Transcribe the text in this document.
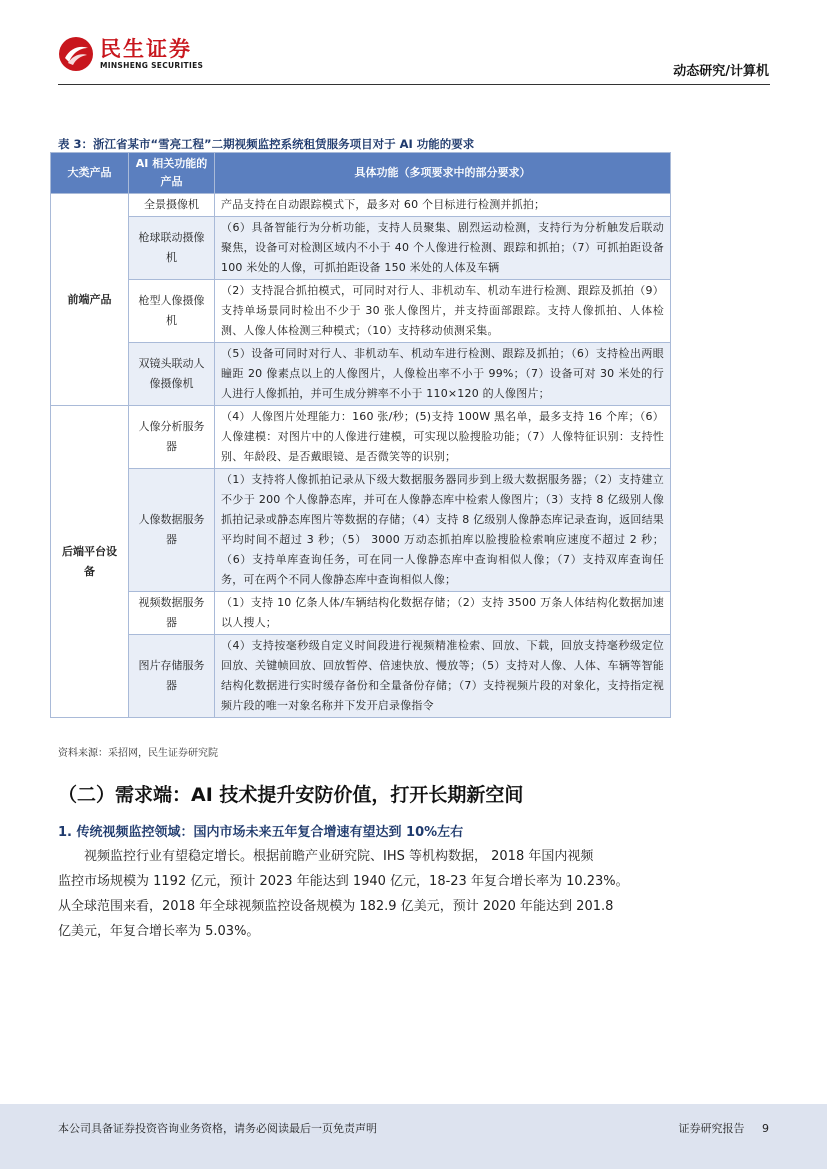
民生证券
MINSHENG SECURITIES	动态研究/计算机
表 3：浙江省某市“雪亮工程”二期视频监控系统租赁服务项目对于 AI 功能的要求
大类产品	AI 相关功能的产品	具体功能（多项要求中的部分要求）
前端产品	全景摄像机	产品支持在自动跟踪模式下，最多对 60 个目标进行检测并抓拍；
	枪球联动摄像机	（6）具备智能行为分析功能，支持人员聚集、剧烈运动检测，支持行为分析触发后联动聚焦，设备可对检测区域内不小于 40 个人像进行检测、跟踪和抓拍；（7）可抓拍距设备 100 米处的人像，可抓拍距设备 150 米处的人体及车辆
	枪型人像摄像机	（2）支持混合抓拍模式，可同时对行人、非机动车、机动车进行检测、跟踪及抓拍（9）支持单场景同时检出不少于 30 张人像图片，并支持面部跟踪。支持人像抓拍、人体检测、人像人体检测三种模式；（10）支持移动侦测采集。
	双镜头联动人像摄像机	（5）设备可同时对行人、非机动车、机动车进行检测、跟踪及抓拍；（6）支持检出两眼瞳距 20 像素点以上的人像图片，人像检出率不小于 99%；（7）设备可对 30 米处的行人进行人像抓拍，并可生成分辨率不小于 110×120 的人像图片；
后端平台设备	人像分析服务器	（4）人像图片处理能力：160 张/秒；(5)支持 100W 黑名单，最多支持 16 个库；（6）人像建模：对图片中的人像进行建模，可实现以脸搜脸功能；（7）人像特征识别：支持性别、年龄段、是否戴眼镜、是否微笑等的识别；
	人像数据服务器	（1）支持将人像抓拍记录从下级大数据服务器同步到上级大数据服务器；（2）支持建立不少于 200 个人像静态库，并可在人像静态库中检索人像图片；（3）支持 8 亿级别人像抓拍记录或静态库图片等数据的存储；（4）支持 8 亿级别人像静态库记录查询，返回结果平均时间不超过 3 秒；（5） 3000 万动态抓拍库以脸搜脸检索响应速度不超过 2 秒；（6）支持单库查询任务，可在同一人像静态库中查询相似人像；（7）支持双库查询任务，可在两个不同人像静态库中查询相似人像；
	视频数据服务器	（1）支持 10 亿条人体/车辆结构化数据存储；（2）支持 3500 万条人体结构化数据加速以人搜人；
	图片存储服务器	（4）支持按毫秒级自定义时间段进行视频精准检索、回放、下载，回放支持毫秒级定位回放、关键帧回放、回放暂停、倍速快放、慢放等；（5）支持对人像、人体、车辆等智能结构化数据进行实时缓存备份和全量备份存储；（7）支持视频片段的对象化，支持指定视频片段的唯一对象名称并下发开启录像指令
资料来源：采招网，民生证券研究院
（二）需求端：AI 技术提升安防价值，打开长期新空间
1. 传统视频监控领域：国内市场未来五年复合增速有望达到 10%左右
视频监控行业有望稳定增长。根据前瞻产业研究院、IHS 等机构数据， 2018 年国内视频
监控市场规模为 1192 亿元，预计 2023 年能达到 1940 亿元，18-23 年复合增长率为 10.23%。
从全球范围来看，2018 年全球视频监控设备规模为 182.9 亿美元，预计 2020 年能达到 201.8
亿美元，年复合增长率为 5.03%。
本公司具备证券投资咨询业务资格，请务必阅读最后一页免责声明	证券研究报告 9
